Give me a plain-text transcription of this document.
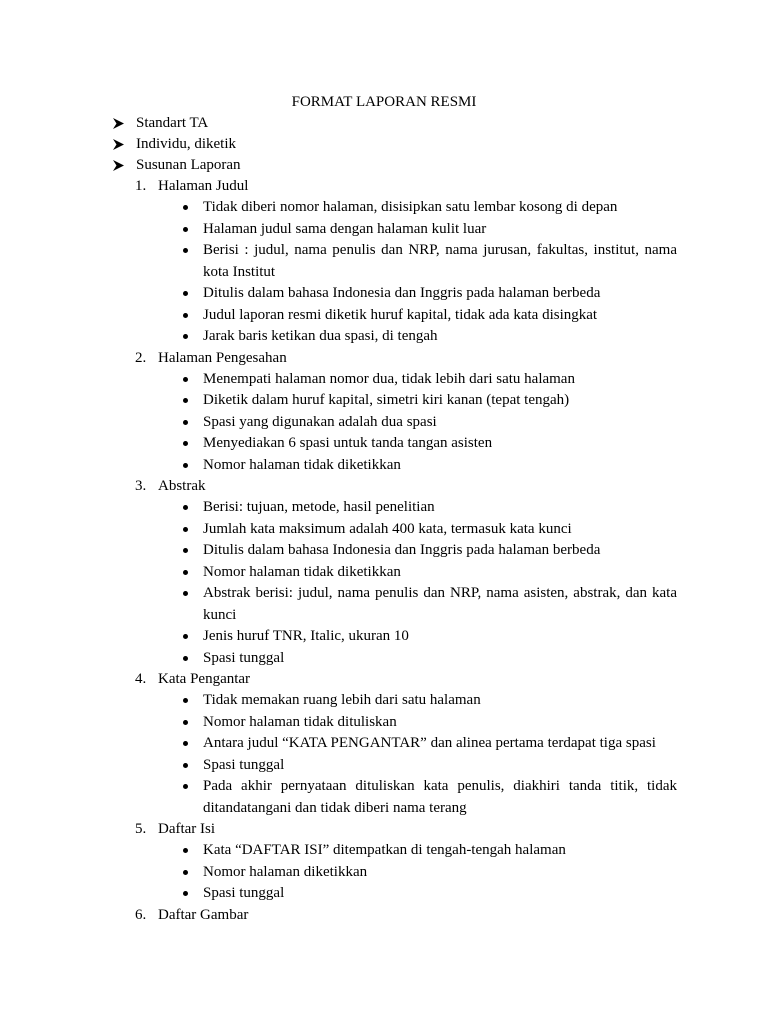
FORMAT LAPORAN RESMI
Standart TA
Individu, diketik
Susunan Laporan
1. Halaman Judul
Tidak diberi nomor halaman, disisipkan satu lembar kosong di depan
Halaman judul sama dengan halaman kulit luar
Berisi : judul, nama penulis dan NRP, nama jurusan, fakultas, institut, nama kota Institut
Ditulis dalam bahasa Indonesia dan Inggris pada halaman berbeda
Judul laporan resmi diketik huruf kapital, tidak ada kata disingkat
Jarak baris ketikan dua spasi, di tengah
2. Halaman Pengesahan
Menempati halaman nomor dua, tidak lebih dari satu halaman
Diketik dalam huruf kapital, simetri kiri kanan (tepat tengah)
Spasi yang digunakan adalah dua spasi
Menyediakan 6 spasi untuk tanda tangan asisten
Nomor halaman tidak diketikkan
3. Abstrak
Berisi: tujuan, metode, hasil penelitian
Jumlah kata maksimum adalah 400 kata, termasuk kata kunci
Ditulis dalam bahasa Indonesia dan Inggris pada halaman berbeda
Nomor halaman tidak diketikkan
Abstrak berisi: judul, nama penulis dan NRP, nama asisten, abstrak, dan kata kunci
Jenis huruf TNR, Italic, ukuran 10
Spasi tunggal
4. Kata Pengantar
Tidak memakan ruang lebih dari satu halaman
Nomor halaman tidak dituliskan
Antara judul “KATA PENGANTAR” dan alinea pertama terdapat tiga spasi
Spasi tunggal
Pada akhir pernyataan dituliskan kata penulis, diakhiri tanda titik, tidak ditandatangani dan tidak diberi nama terang
5. Daftar Isi
Kata “DAFTAR ISI” ditempatkan di tengah-tengah halaman
Nomor halaman diketikkan
Spasi tunggal
6. Daftar Gambar
